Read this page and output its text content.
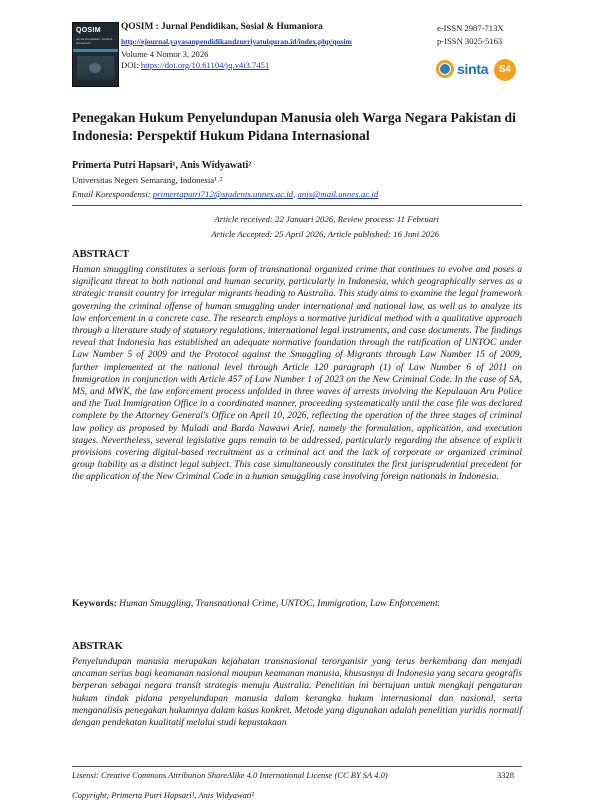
QOSIM
Jurnal Pendidikan, Sosial & Humaniora
QOSIM : Jurnal Pendidikan, Sosial & Humaniora
http://ejournal.yayasanpendidikandzurriyatulquran.id/index.php/qosim
Volume 4 Nomor 3, 2026
DOI: https://doi.org/10.61104/jq.v4i3.7451
e-ISSN 2987-713X
p-ISSN 3025-5163
sinta	S4
Penegakan Hukum Penyelundupan Manusia oleh Warga Negara Pakistan di Indonesia: Perspektif Hukum Pidana Internasional
Primerta Putri Hapsari¹, Anis Widyawati²
Universitas Negeri Semarang, Indonesia¹˒²
Email Korespondensi: primertaputri712@students.unnes.ac.id, anis@mail.unnes.ac.id
Article received: 22 Januari 2026, Review process: 11 Februari
Article Accepted: 25 April 2026, Article published: 16 Juni 2026
ABSTRACT
Human smuggling constitutes a serious form of transnational organized crime that continues to evolve and poses a significant threat to both national and human security, particularly in Indonesia, which geographically serves as a strategic transit country for irregular migrants heading to Australia. This study aims to examine the legal framework governing the criminal offense of human smuggling under international and national law, as well as to analyze its law enforcement in a concrete case. The research employs a normative juridical method with a qualitative approach through a literature study of statutory regulations, international legal instruments, and case documents. The findings reveal that Indonesia has established an adequate normative foundation through the ratification of UNTOC under Law Number 5 of 2009 and the Protocol against the Smuggling of Migrants through Law Number 15 of 2009, further implemented at the national level through Article 120 paragraph (1) of Law Number 6 of 2011 on Immigration in conjunction with Article 457 of Law Number 1 of 2023 on the New Criminal Code. In the case of SA, MS, and MWK, the law enforcement process unfolded in three waves of arrests involving the Kepulauan Aru Police and the Tual Immigration Office in a coordinated manner, proceeding systematically until the case file was declared complete by the Attorney General's Office on April 10, 2026, reflecting the operation of the three stages of criminal law policy as proposed by Muladi and Barda Nawawi Arief, namely the formulation, application, and execution stages. Nevertheless, several legislative gaps remain to be addressed, particularly regarding the absence of explicit provisions covering digital-based recruitment as a criminal act and the lack of corporate or organized criminal group liability as a distinct legal subject. This case simultaneously constitutes the first jurisprudential precedent for the application of the New Criminal Code in a human smuggling case involving foreign nationals in Indonesia.
Keywords: Human Smuggling, Transnational Crime, UNTOC, Immigration, Law Enforcement.
ABSTRAK
Penyelundupan manusia merupakan kejahatan transnasional terorganisir yang terus berkembang dan menjadi ancaman serius bagi keamanan nasional maupun keamanan manusia, khususnya di Indonesia yang secara geografis berperan sebagai negara transit strategis menuju Australia. Penelitian ini bertujuan untuk mengkaji pengaturan hukum tindak pidana penyelundupan manusia dalam kerangka hukum internasional dan nasional, serta menganalisis penegakan hukumnya dalam kasus konkret. Metode yang digunakan adalah penelitian yuridis normatif dengan pendekatan kualitatif melalui studi kepustakaan
Lisensi: Creative Commons Attribution ShareAlike 4.0 International License (CC BY SA 4.0)	3328
Copyright; Primerta Putri Hapsari¹, Anis Widyawati²
